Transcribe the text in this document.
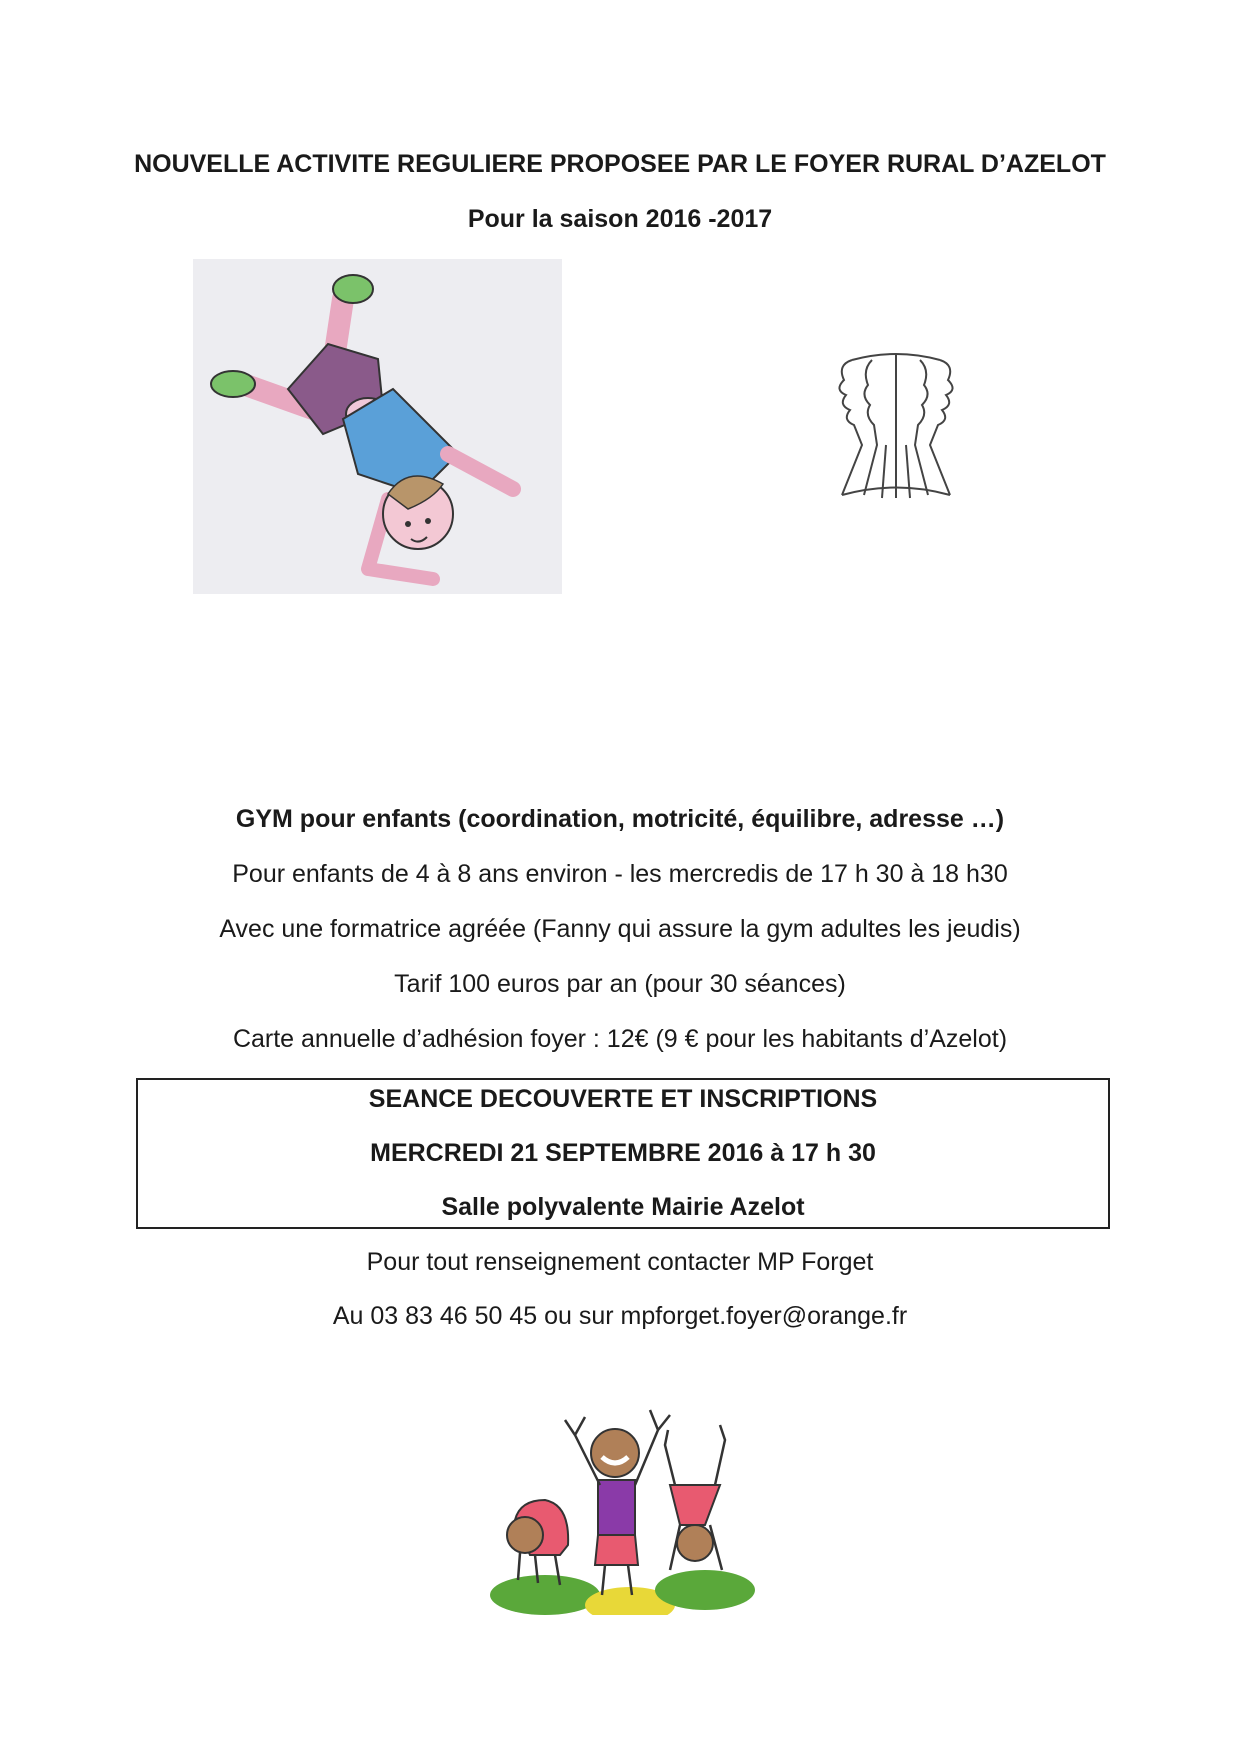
NOUVELLE ACTIVITE REGULIERE PROPOSEE PAR LE FOYER RURAL D’AZELOT
Pour la saison 2016 -2017
GYM pour enfants (coordination, motricité, équilibre, adresse …)
Pour enfants de 4 à 8 ans environ - les mercredis de 17 h 30 à 18 h30
Avec une formatrice agréée (Fanny qui assure la gym adultes les jeudis)
Tarif 100 euros par an (pour 30 séances)
Carte annuelle d’adhésion foyer : 12€ (9 € pour les habitants d’Azelot)
SEANCE DECOUVERTE ET INSCRIPTIONS
MERCREDI 21 SEPTEMBRE 2016 à 17 h 30
Salle polyvalente Mairie Azelot
Pour tout renseignement contacter MP Forget
Au 03 83 46 50 45 ou sur mpforget.foyer@orange.fr
